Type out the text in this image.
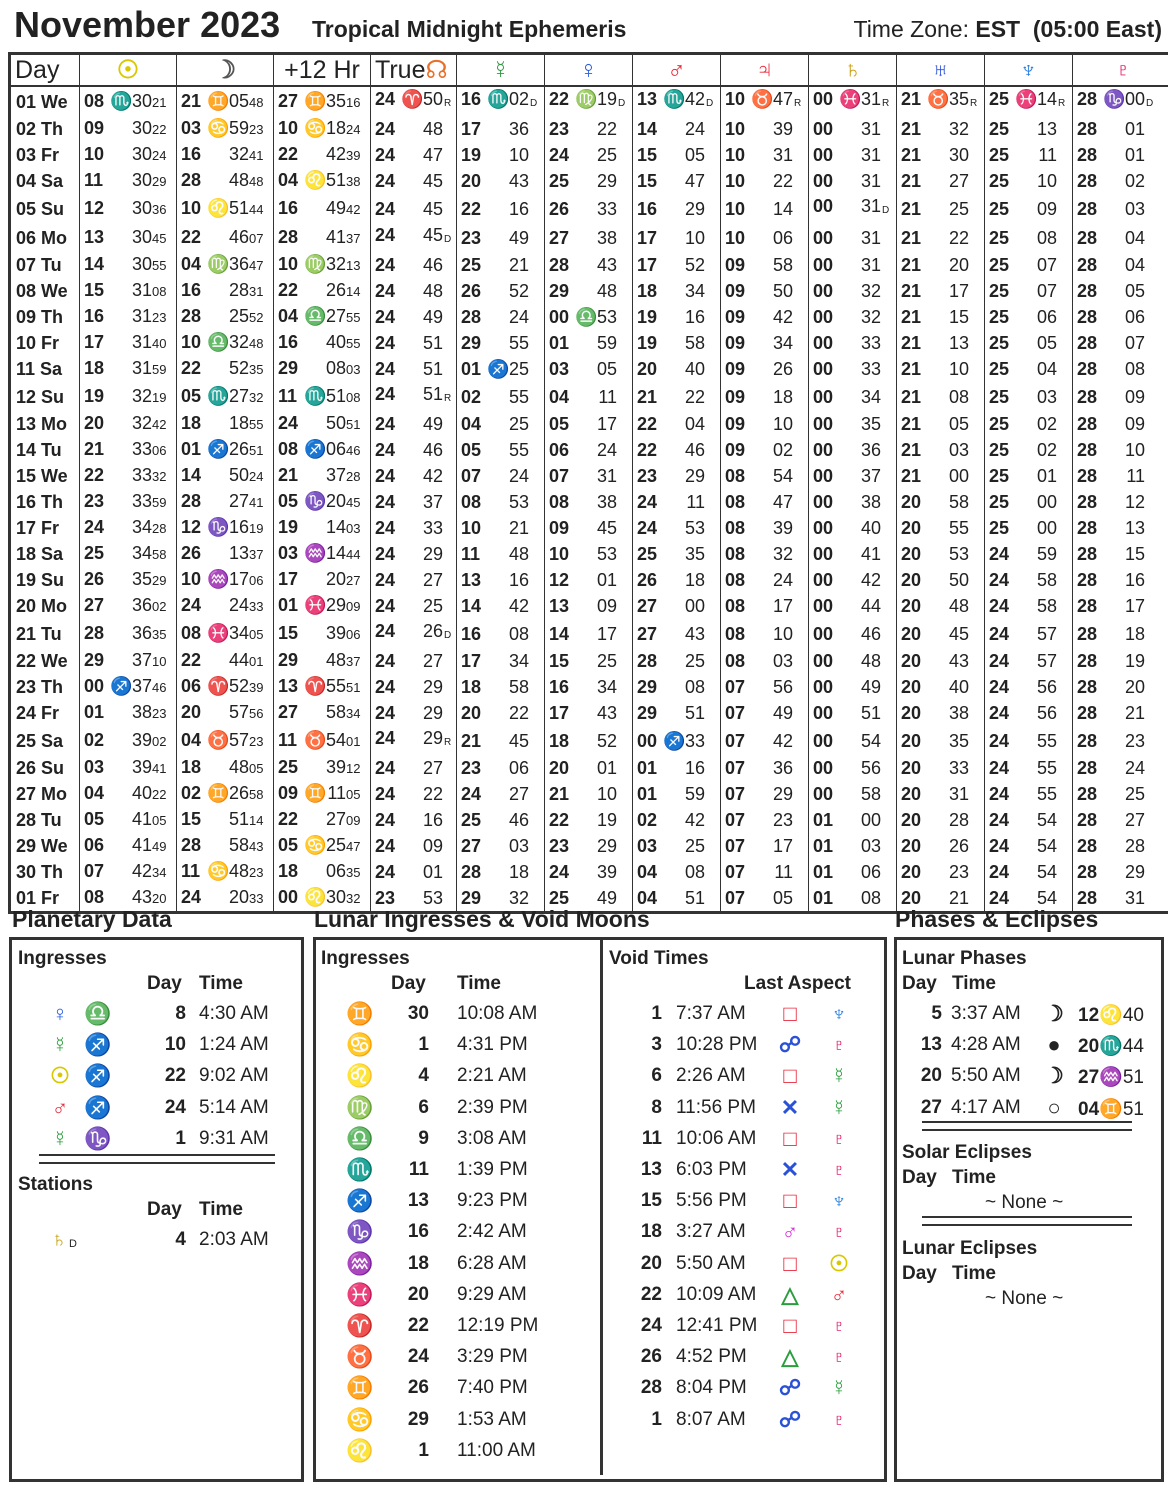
November 2023 Tropical Midnight Ephemeris	Time Zone: EST (05:00 East)
Day	☉	☽	+12 Hr	True☊	☿	♀	♂	♃	♄	♅	♆	♇
01 We	08 ♏3021	21 ♊0548	27 ♊3516	24 ♈50R	16 ♏02D	22 ♍19D	13 ♏42D	10 ♉47R	00 ♓31R	21 ♉35R	25 ♓14R	28 ♑00D
02 Th	09 3022	03 ♋5923	10 ♋1824	24 48	17 36	23 22	14 24	10 39	00 31	21 32	25 13	28 01
03 Fr	10 3024	16 3241	22 4239	24 47	19 10	24 25	15 05	10 31	00 31	21 30	25 11	28 01
04 Sa	11 3029	28 4848	04 ♌5138	24 45	20 43	25 29	15 47	10 22	00 31	21 27	25 10	28 02
05 Su	12 3036	10 ♌5144	16 4942	24 45	22 16	26 33	16 29	10 14	00 31D	21 25	25 09	28 03
06 Mo	13 3045	22 4607	28 4137	24 45D	23 49	27 38	17 10	10 06	00 31	21 22	25 08	28 04
07 Tu	14 3055	04 ♍3647	10 ♍3213	24 46	25 21	28 43	17 52	09 58	00 31	21 20	25 07	28 04
08 We	15 3108	16 2831	22 2614	24 48	26 52	29 48	18 34	09 50	00 32	21 17	25 07	28 05
09 Th	16 3123	28 2552	04 ♎2755	24 49	28 24	00 ♎53	19 16	09 42	00 32	21 15	25 06	28 06
10 Fr	17 3140	10 ♎3248	16 4055	24 51	29 55	01 59	19 58	09 34	00 33	21 13	25 05	28 07
11 Sa	18 3159	22 5235	29 0803	24 51	01 ♐25	03 05	20 40	09 26	00 33	21 10	25 04	28 08
12 Su	19 3219	05 ♏2732	11 ♏5108	24 51R	02 55	04 11	21 22	09 18	00 34	21 08	25 03	28 09
13 Mo	20 3242	18 1855	24 5051	24 49	04 25	05 17	22 04	09 10	00 35	21 05	25 02	28 09
14 Tu	21 3306	01 ♐2651	08 ♐0646	24 46	05 55	06 24	22 46	09 02	00 36	21 03	25 02	28 10
15 We	22 3332	14 5024	21 3728	24 42	07 24	07 31	23 29	08 54	00 37	21 00	25 01	28 11
16 Th	23 3359	28 2741	05 ♑2045	24 37	08 53	08 38	24 11	08 47	00 38	20 58	25 00	28 12
17 Fr	24 3428	12 ♑1619	19 1403	24 33	10 21	09 45	24 53	08 39	00 40	20 55	25 00	28 13
18 Sa	25 3458	26 1337	03 ♒1444	24 29	11 48	10 53	25 35	08 32	00 41	20 53	24 59	28 15
19 Su	26 3529	10 ♒1706	17 2027	24 27	13 16	12 01	26 18	08 24	00 42	20 50	24 58	28 16
20 Mo	27 3602	24 2433	01 ♓2909	24 25	14 42	13 09	27 00	08 17	00 44	20 48	24 58	28 17
21 Tu	28 3635	08 ♓3405	15 3906	24 26D	16 08	14 17	27 43	08 10	00 46	20 45	24 57	28 18
22 We	29 3710	22 4401	29 4837	24 27	17 34	15 25	28 25	08 03	00 48	20 43	24 57	28 19
23 Th	00 ♐3746	06 ♈5239	13 ♈5551	24 29	18 58	16 34	29 08	07 56	00 49	20 40	24 56	28 20
24 Fr	01 3823	20 5756	27 5834	24 29	20 22	17 43	29 51	07 49	00 51	20 38	24 56	28 21
25 Sa	02 3902	04 ♉5723	11 ♉5401	24 29R	21 45	18 52	00 ♐33	07 42	00 54	20 35	24 55	28 23
26 Su	03 3941	18 4805	25 3912	24 27	23 06	20 01	01 16	07 36	00 56	20 33	24 55	28 24
27 Mo	04 4022	02 ♊2658	09 ♊1105	24 22	24 27	21 10	01 59	07 29	00 58	20 31	24 55	28 25
28 Tu	05 4105	15 5114	22 2709	24 16	25 46	22 19	02 42	07 23	01 00	20 28	24 54	28 27
29 We	06 4149	28 5843	05 ♋2547	24 09	27 03	23 29	03 25	07 17	01 03	20 26	24 54	28 28
30 Th	07 4234	11 ♋4823	18 0635	24 01	28 18	24 39	04 08	07 11	01 06	20 23	24 54	28 29
01 Fr	08 4320	24 2033	00 ♌3032	23 53	29 32	25 49	04 51	07 05	01 08	20 21	24 54	28 31
Planetary Data	Lunar Ingresses & Void Moons	Phases & Eclipses
Ingresses
Day Time
♀ ♎	8 4:30 AM
☿ ♐	10 1:24 AM
☉ ♐	22 9:02 AM
♂ ♐	24 5:14 AM
☿ ♑	1 9:31 AM
Stations
Day Time
♄ D	4 2:03 AM
Ingresses
Day Time
♊	30 10:08 AM
♋	1 4:31 PM
♌	4 2:21 AM
♍	6 2:39 PM
♎	9 3:08 AM
♏	11 1:39 PM
♐	13 9:23 PM
♑	16 2:42 AM
♒	18 6:28 AM
♓	20 9:29 AM
♈	22 12:19 PM
♉	24 3:29 PM
♊	26 7:40 PM
♋	29 1:53 AM
♌	1 11:00 AM
Void Times
Last Aspect
1 7:37 AM	□	♆
3 10:28 PM ☍	♇
6 2:26 AM	□	☿
8 11:56 PM ✕	☿
11 10:06 AM	□	♇
13 6:03 PM ✕	♇
15 5:56 PM	□	♆
18 3:27 AM	♂	♇
20 5:50 AM	□	☉
22 10:09 AM △	♂
24 12:41 PM	□	♇
26 4:52 PM △	♇
28 8:04 PM ☍	☿
1 8:07 AM ☍	♇
Lunar Phases
Day Time
5 3:37 AM ☽ 12♌40
13 4:28 AM ● 20♏44
20 5:50 AM ☽ 27♒51
27 4:17 AM ○ 04♊51
Solar Eclipses
Day Time
~ None ~
Lunar Eclipses
Day Time
~ None ~
